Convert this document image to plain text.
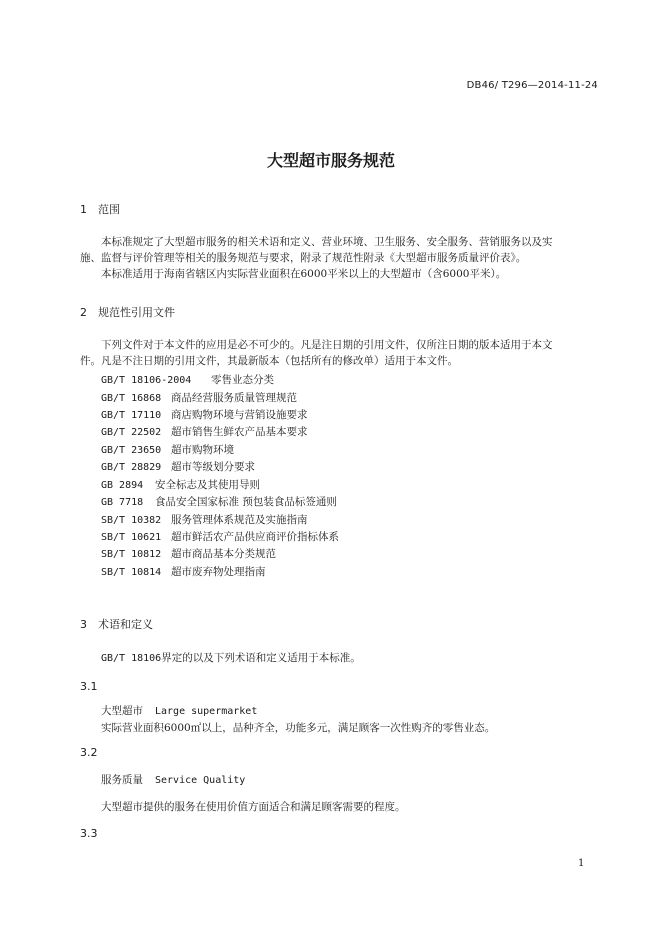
DB46/ T296—2014-11-24
大型超市服务规范
1 范围
本标准规定了大型超市服务的相关术语和定义、营业环境、卫生服务、安全服务、营销服务以及实
施、监督与评价管理等相关的服务规范与要求，附录了规范性附录《大型超市服务质量评价表》。
本标准适用于海南省辖区内实际营业面积在6000平米以上的大型超市（含6000平米）。
2 规范性引用文件
下列文件对于本文件的应用是必不可少的。凡是注日期的引用文件，仅所注日期的版本适用于本文
件。凡是不注日期的引用文件，其最新版本（包括所有的修改单）适用于本文件。
GB/T 18106-2004 零售业态分类
GB/T 16868 商品经营服务质量管理规范
GB/T 17110 商店购物环境与营销设施要求
GB/T 22502 超市销售生鲜农产品基本要求
GB/T 23650 超市购物环境
GB/T 28829 超市等级划分要求
GB 2894 安全标志及其使用导则
GB 7718 食品安全国家标准 预包装食品标签通则
SB/T 10382 服务管理体系规范及实施指南
SB/T 10621 超市鲜活农产品供应商评价指标体系
SB/T 10812 超市商品基本分类规范
SB/T 10814 超市废弃物处理指南
3 术语和定义
GB/T 18106界定的以及下列术语和定义适用于本标准。
3.1
大型超市 Large supermarket
实际营业面积6000㎡以上，品种齐全，功能多元，满足顾客一次性购齐的零售业态。
3.2
服务质量 Service Quality
大型超市提供的服务在使用价值方面适合和满足顾客需要的程度。
3.3
1
